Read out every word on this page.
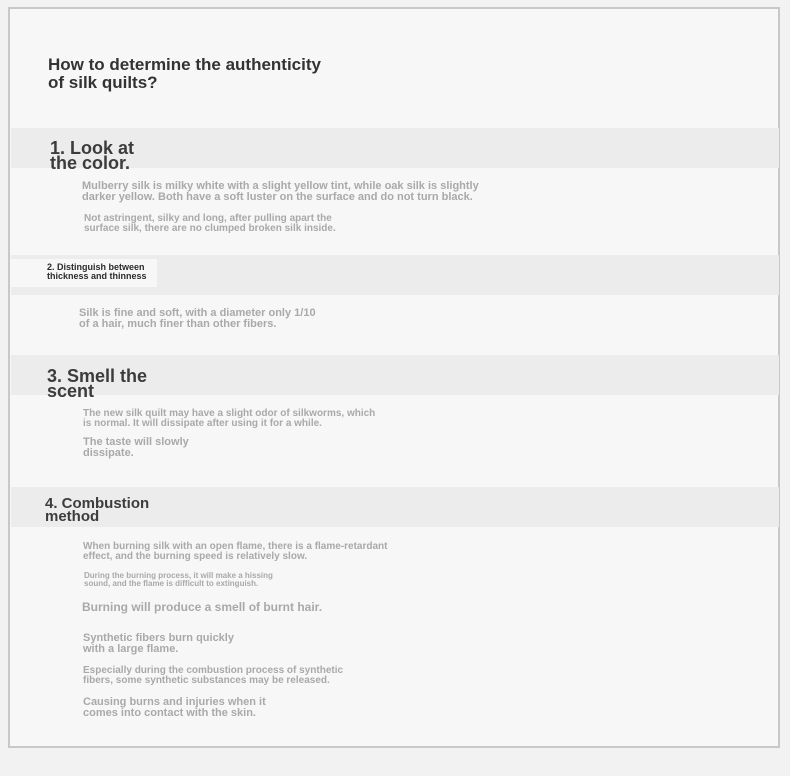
How to determine the authenticity
of silk quilts?
1. Look at
the color.
Mulberry silk is milky white with a slight yellow tint, while oak silk is slightly
darker yellow. Both have a soft luster on the surface and do not turn black.
Not astringent, silky and long, after pulling apart the
surface silk, there are no clumped broken silk inside.
2. Distinguish between
thickness and thinness
Silk is fine and soft, with a diameter only 1/10
of a hair, much finer than other fibers.
3. Smell the
scent
The new silk quilt may have a slight odor of silkworms, which
is normal. It will dissipate after using it for a while.
The taste will slowly
dissipate.
4. Combustion
method
When burning silk with an open flame, there is a flame-retardant
effect, and the burning speed is relatively slow.
During the burning process, it will make a hissing
sound, and the flame is difficult to extinguish.
Burning will produce a smell of burnt hair.
Synthetic fibers burn quickly
with a large flame.
Especially during the combustion process of synthetic
fibers, some synthetic substances may be released.
Causing burns and injuries when it
comes into contact with the skin.
